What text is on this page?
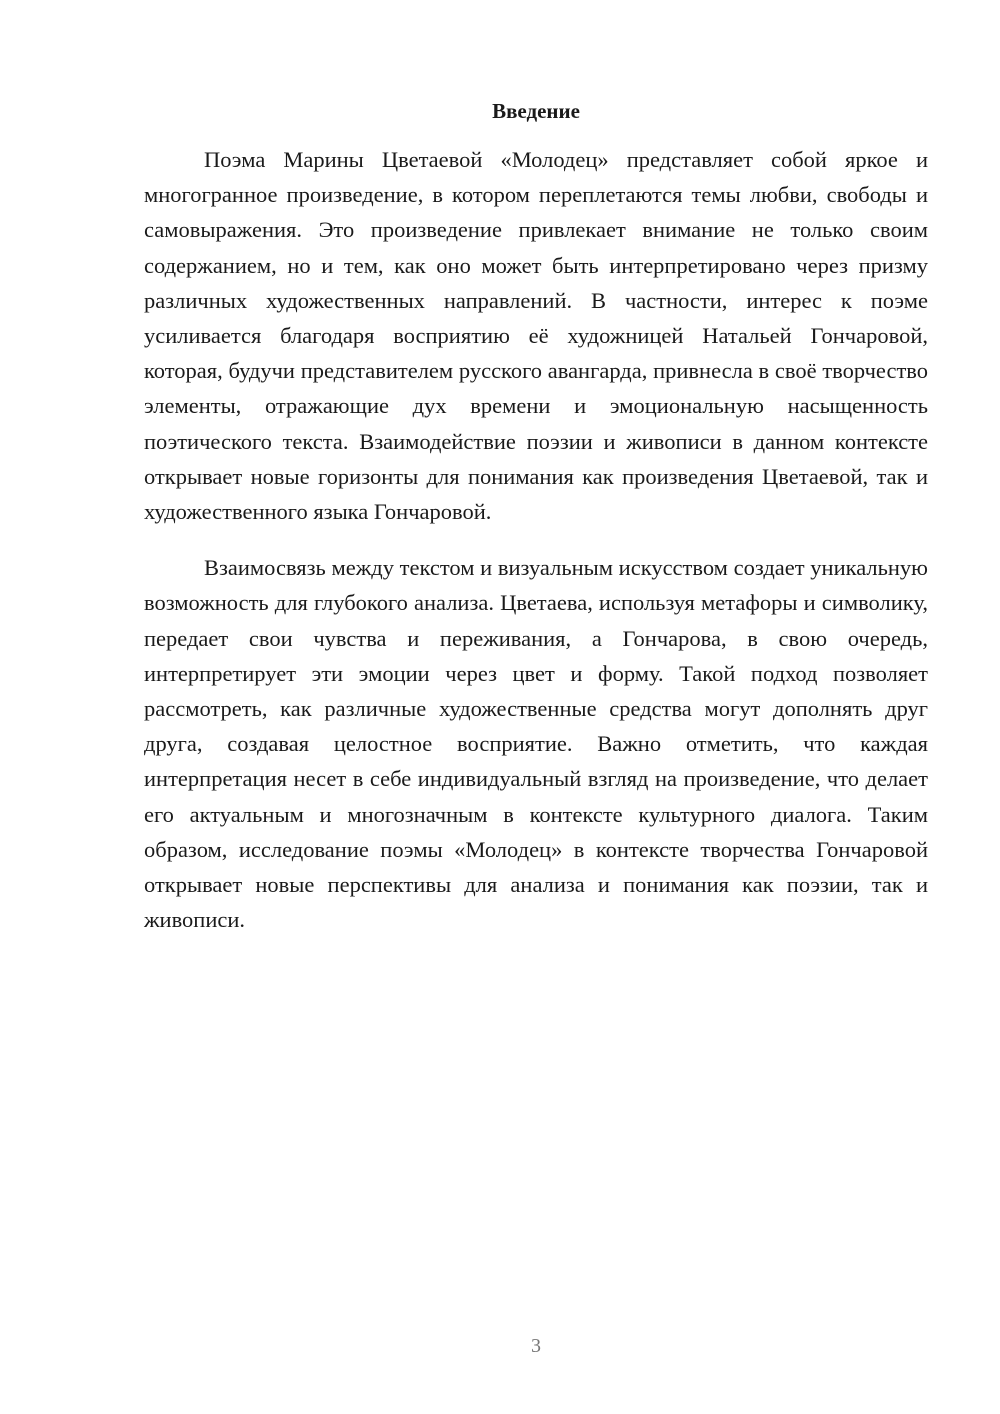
Введение

Поэма Марины Цветаевой «Молодец» представляет собой яркое и многогранное произведение, в котором переплетаются темы любви, свободы и самовыражения. Это произведение привлекает внимание не только своим содержанием, но и тем, как оно может быть интерпретировано через призму различных художественных направлений. В частности, интерес к поэме усиливается благодаря восприятию её художницей Натальей Гончаровой, которая, будучи представителем русского авангарда, привнесла в своё творчество элементы, отражающие дух времени и эмоциональную насыщенность поэтического текста. Взаимодействие поэзии и живописи в данном контексте открывает новые горизонты для понимания как произведения Цветаевой, так и художественного языка Гончаровой.

Взаимосвязь между текстом и визуальным искусством создает уникальную возможность для глубокого анализа. Цветаева, используя метафоры и символику, передает свои чувства и переживания, а Гончарова, в свою очередь, интерпретирует эти эмоции через цвет и форму. Такой подход позволяет рассмотреть, как различные художественные средства могут дополнять друг друга, создавая целостное восприятие. Важно отметить, что каждая интерпретация несет в себе индивидуальный взгляд на произведение, что делает его актуальным и многозначным в контексте культурного диалога. Таким образом, исследование поэмы «Молодец» в контексте творчества Гончаровой открывает новые перспективы для анализа и понимания как поэзии, так и живописи.

3
